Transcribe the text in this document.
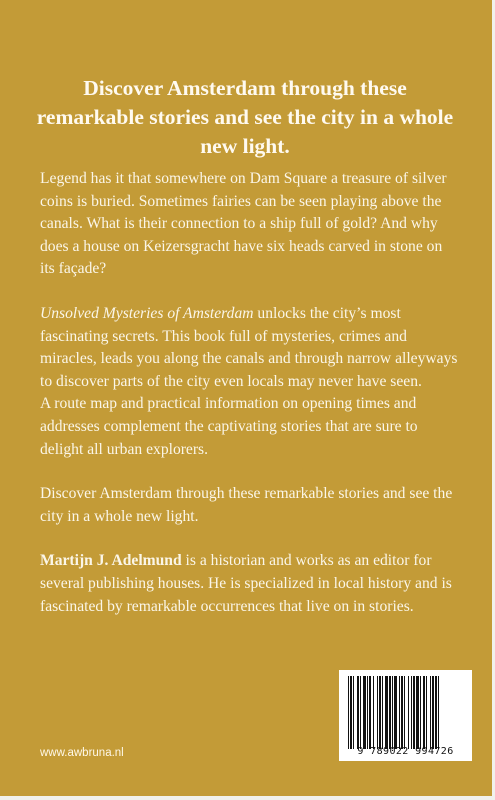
Discover Amsterdam through these remarkable stories and see the city in a whole new light.

Legend has it that somewhere on Dam Square a treasure of silver coins is buried. Sometimes fairies can be seen playing above the canals. What is their connection to a ship full of gold? And why does a house on Keizersgracht have six heads carved in stone on its façade?

Unsolved Mysteries of Amsterdam unlocks the city’s most fascinating secrets. This book full of mysteries, crimes and miracles, leads you along the canals and through narrow alleyways to discover parts of the city even locals may never have seen.

A route map and practical information on opening times and addresses complement the captivating stories that are sure to delight all urban explorers.

Discover Amsterdam through these remarkable stories and see the city in a whole new light.

Martijn J. Adelmund is a historian and works as an editor for several publishing houses. He is specialized in local history and is fascinated by remarkable occurrences that live on in stories.

9 789022 994726
www.awbruna.nl
